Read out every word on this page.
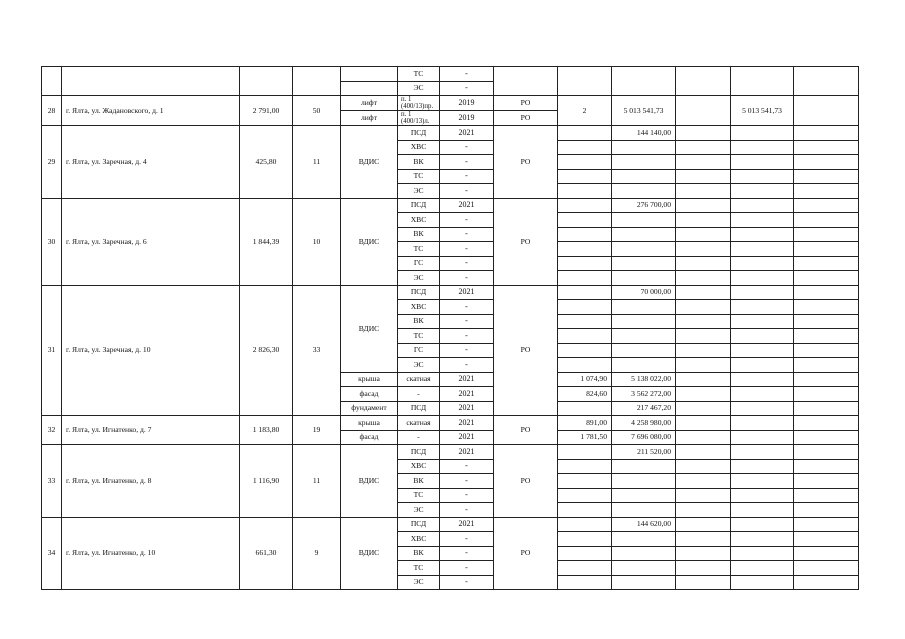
					ТС	-							
					ЭС	-							
28	г. Ялта, ул. Жадановского, д. 1	2 791,00	50	лифт	п. 1 (400/13)пр.	2019	РО	2	5 013 541,73		5 013 541,73		
				лифт	п. 1 (400/13)л.	2019	РО						
29	г. Ялта, ул. Заречная, д. 4	425,80	11	ВДИС	ПСД	2021	РО		144 140,00				
					ХВС	-							
					ВК	-							
					ТС	-							
					ЭС	-							
30	г. Ялта, ул. Заречная, д. 6	1 844,39	10	ВДИС	ПСД	2021	РО		276 700,00				
					ХВС	-							
					ВК	-							
					ТС	-							
					ГС	-							
					ЭС	-							
31	г. Ялта, ул. Заречная, д. 10	2 826,30	33	ВДИС	ПСД	2021	РО		70 000,00				
					ХВС	-							
					ВК	-							
					ТС	-							
					ГС	-							
					ЭС	-							
				крыша	скатная	2021		1 074,90	5 138 022,00				
				фасад	-	2021		824,60	3 562 272,00				
				фундамент	ПСД	2021			217 467,20				
32	г. Ялта, ул. Игнатенко, д. 7	1 183,80	19	крыша	скатная	2021	РО	891,00	4 258 980,00				
				фасад	-	2021		1 781,50	7 696 080,00				
33	г. Ялта, ул. Игнатенко, д. 8	1 116,90	11	ВДИС	ПСД	2021	РО		211 520,00				
					ХВС	-							
					ВК	-							
					ТС	-							
					ЭС	-							
34	г. Ялта, ул. Игнатенко, д. 10	661,30	9	ВДИС	ПСД	2021	РО		144 620,00				
					ХВС	-							
					ВК	-							
					ТС	-							
					ЭС	-							
